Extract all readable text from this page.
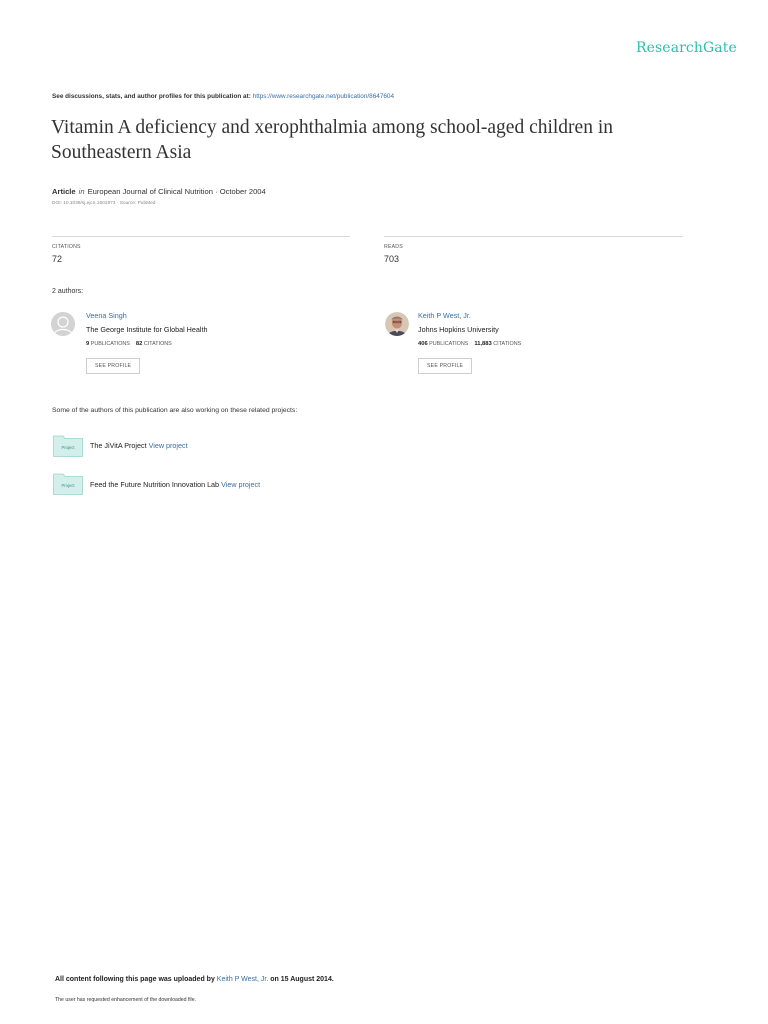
ResearchGate
See discussions, stats, and author profiles for this publication at: https://www.researchgate.net/publication/8647604
Vitamin A deficiency and xerophthalmia among school-aged children in Southeastern Asia
Article in European Journal of Clinical Nutrition · October 2004
DOI: 10.1038/sj.ejcn.1601973 · Source: PubMed
CITATIONS
72
READS
703
2 authors:
Veena Singh
The George Institute for Global Health
9 PUBLICATIONS 82 CITATIONS
SEE PROFILE
Keith P West, Jr.
Johns Hopkins University
406 PUBLICATIONS 11,883 CITATIONS
SEE PROFILE
Some of the authors of this publication are also working on these related projects:
Project The JiVitA Project View project
Project Feed the Future Nutrition Innovation Lab View project
All content following this page was uploaded by Keith P West, Jr. on 15 August 2014.
The user has requested enhancement of the downloaded file.
